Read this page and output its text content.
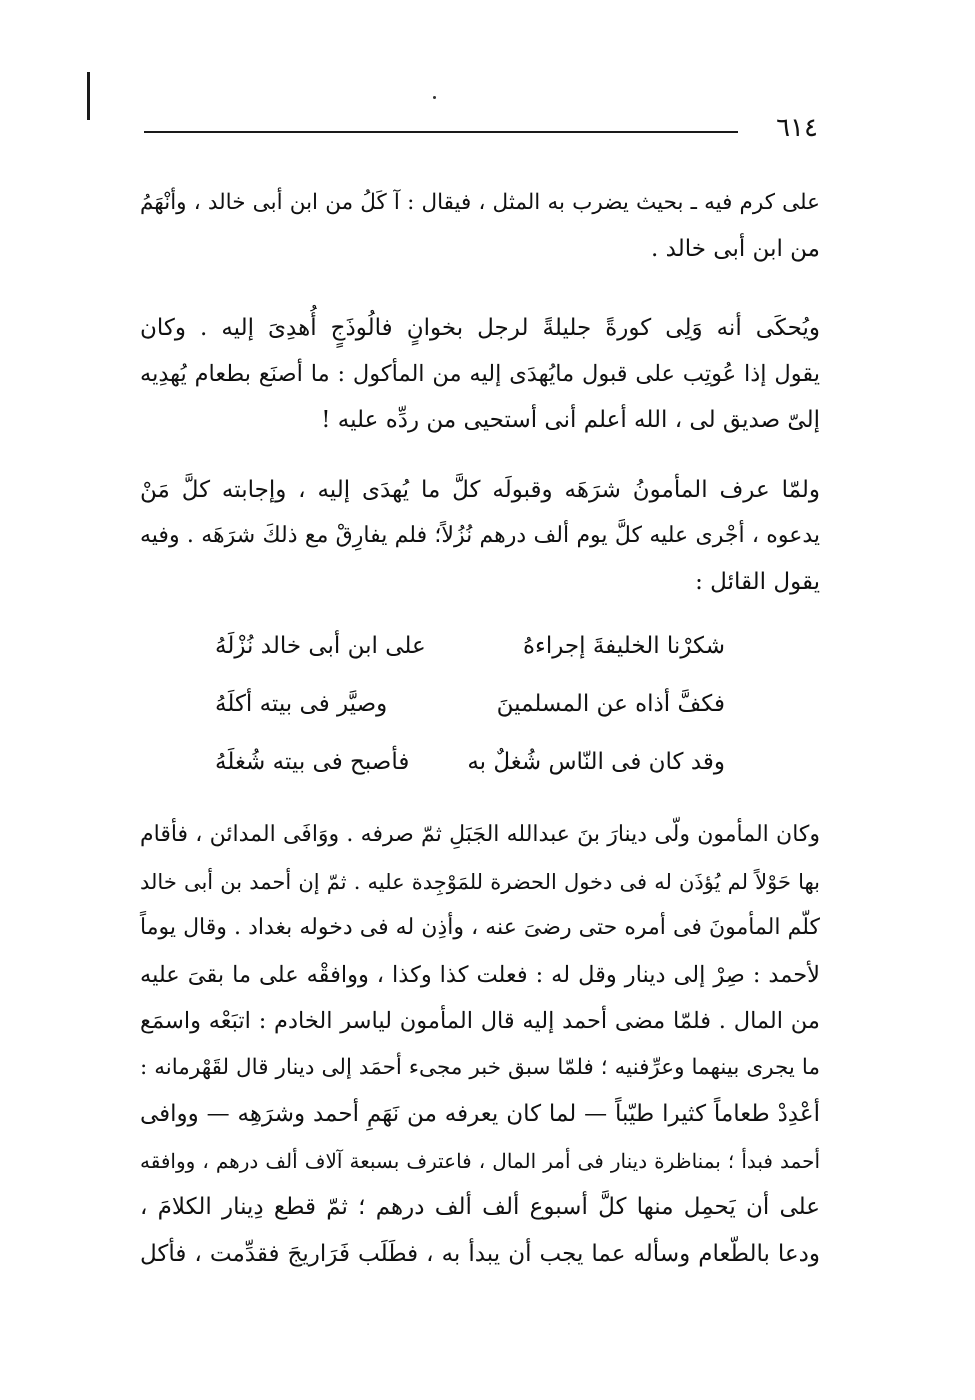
٦١٤
على كرم فيه ـ بحيث يضرب به المثل ، فيقال : آ كَلُ من ابن أبى خالد ، وأنْهَمُ
من ابن أبى خالد .
ويُحكَى أنه وَلِى كورةً جليلةً لرجل بخوانٍ فالُوذَجٍ أُهدِىَ إليه . وكان
يقول إذا عُوتِب على قبول مايُهدَى إليه من المأكول : ما أصنَع بطعام يُهدِيه
إلىّ صديق لى ، الله أعلم أنى أستحيى من ردِّه عليه !
ولمّا عرف المأمونُ شرَهَه وقبولَه كلَّ ما يُهدَى إليه ، وإجابته كلَّ مَنْ
يدعوه ، أجْرى عليه كلَّ يوم ألف درهم نُزُلاً؛ فلم يفارِقْ مع ذلكَ شرَهَه . وفيه
يقول القائل :
شكرْنا الخليفةَ إجراءهُ
على ابن أبى خالد نُزْلَهُ
فكفَّ أذاه عن المسلمينَ
وصيَّر فى بيته أكلَهُ
وقد كان فى النّاس شُغلٌ به
فأصبح فى بيته شُغلَهُ
وكان المأمون ولّى دينارَ بنَ عبدالله الجَبَلِ ثمّ صرفه . ووَافَى المدائن ، فأقام
بها حَوْلاً لم يُؤذَن له فى دخول الحضرة للمَوْجِدة عليه . ثمّ إن أحمد بن أبى خالد
كلّم المأمونَ فى أمره حتى رضىَ عنه ، وأذِن له فى دخوله بغداد . وقال يوماً
لأحمد : صِرْ إلى دينار وقل له : فعلت كذا وكذا ، ووافقْه على ما بقىَ عليه
من المال . فلمّا مضى أحمد إليه قال المأمون لياسر الخادم : اتبَعْه واسمَع
ما يجرى بينهما وعرِّفنيه ؛ فلمّا سبق خبر مجىء أحمَد إلى دينار قال لقَهْرمانه :
أعْدِدْ طعاماً كثيرا طيّباً — لما كان يعرفه من نَهَمِ أحمد وشرَهِه — ووافى
أحمد فبدأ ؛ بمناظرة دينار فى أمر المال ، فاعترف بسبعة آلاف ألف درهم ، ووافقه
على أن يَحمِل منها كلَّ أسبوع ألف ألف درهم ؛ ثمّ قطع دِينار الكلامَ ،
ودعا بالطّعام وسأله عما يجب أن يبدأ به ، فطَلَب فَرَاريجَ فقدِّمت ، فأكل
